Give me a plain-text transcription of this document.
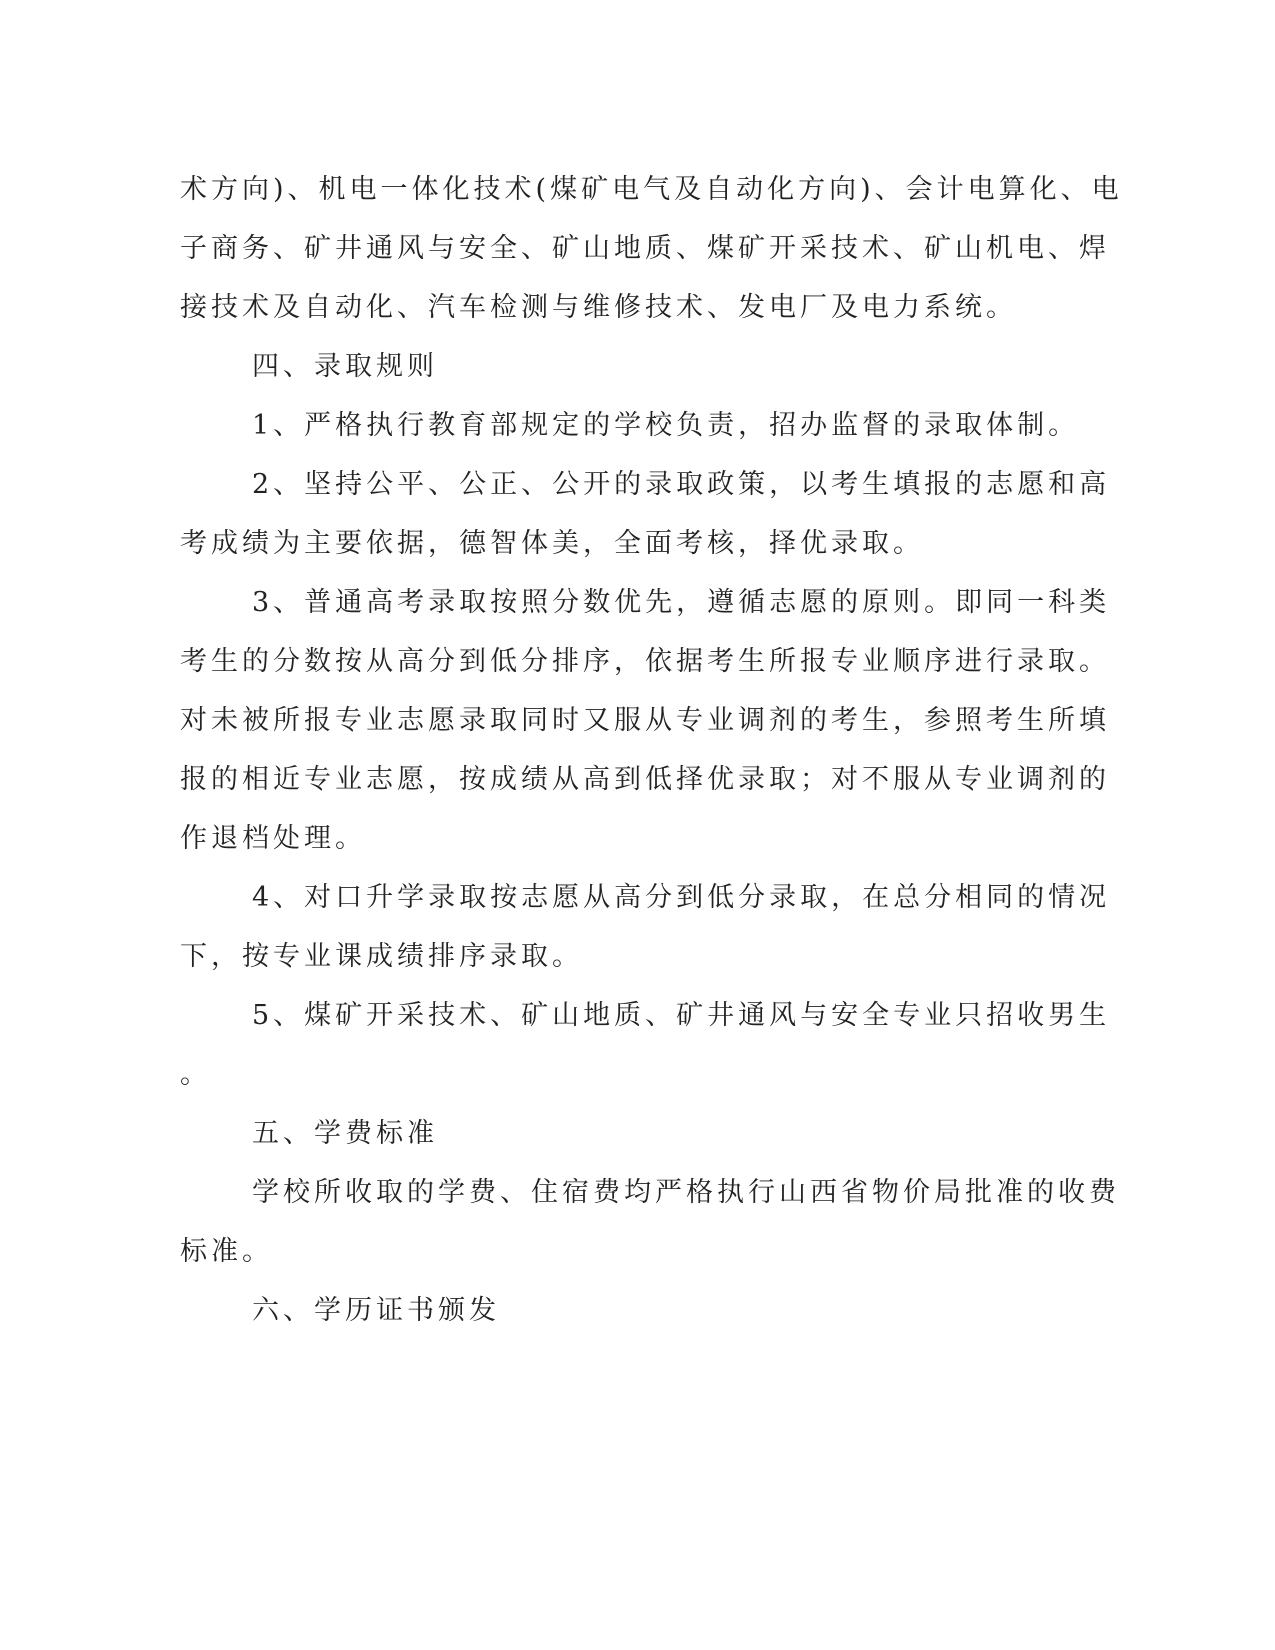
术方向)、机电一体化技术(煤矿电气及自动化方向)、会计电算化、电

子商务、矿井通风与安全、矿山地质、煤矿开采技术、矿山机电、焊

接技术及自动化、汽车检测与维修技术、发电厂及电力系统。

四、录取规则

1、严格执行教育部规定的学校负责，招办监督的录取体制。

2、坚持公平、公正、公开的录取政策，以考生填报的志愿和高

考成绩为主要依据，德智体美，全面考核，择优录取。

3、普通高考录取按照分数优先，遵循志愿的原则。即同一科类

考生的分数按从高分到低分排序，依据考生所报专业顺序进行录取。

对未被所报专业志愿录取同时又服从专业调剂的考生，参照考生所填

报的相近专业志愿，按成绩从高到低择优录取；对不服从专业调剂的

作退档处理。

4、对口升学录取按志愿从高分到低分录取，在总分相同的情况

下，按专业课成绩排序录取。

5、煤矿开采技术、矿山地质、矿井通风与安全专业只招收男生

。

五、学费标准

学校所收取的学费、住宿费均严格执行山西省物价局批准的收费

标准。

六、学历证书颁发
